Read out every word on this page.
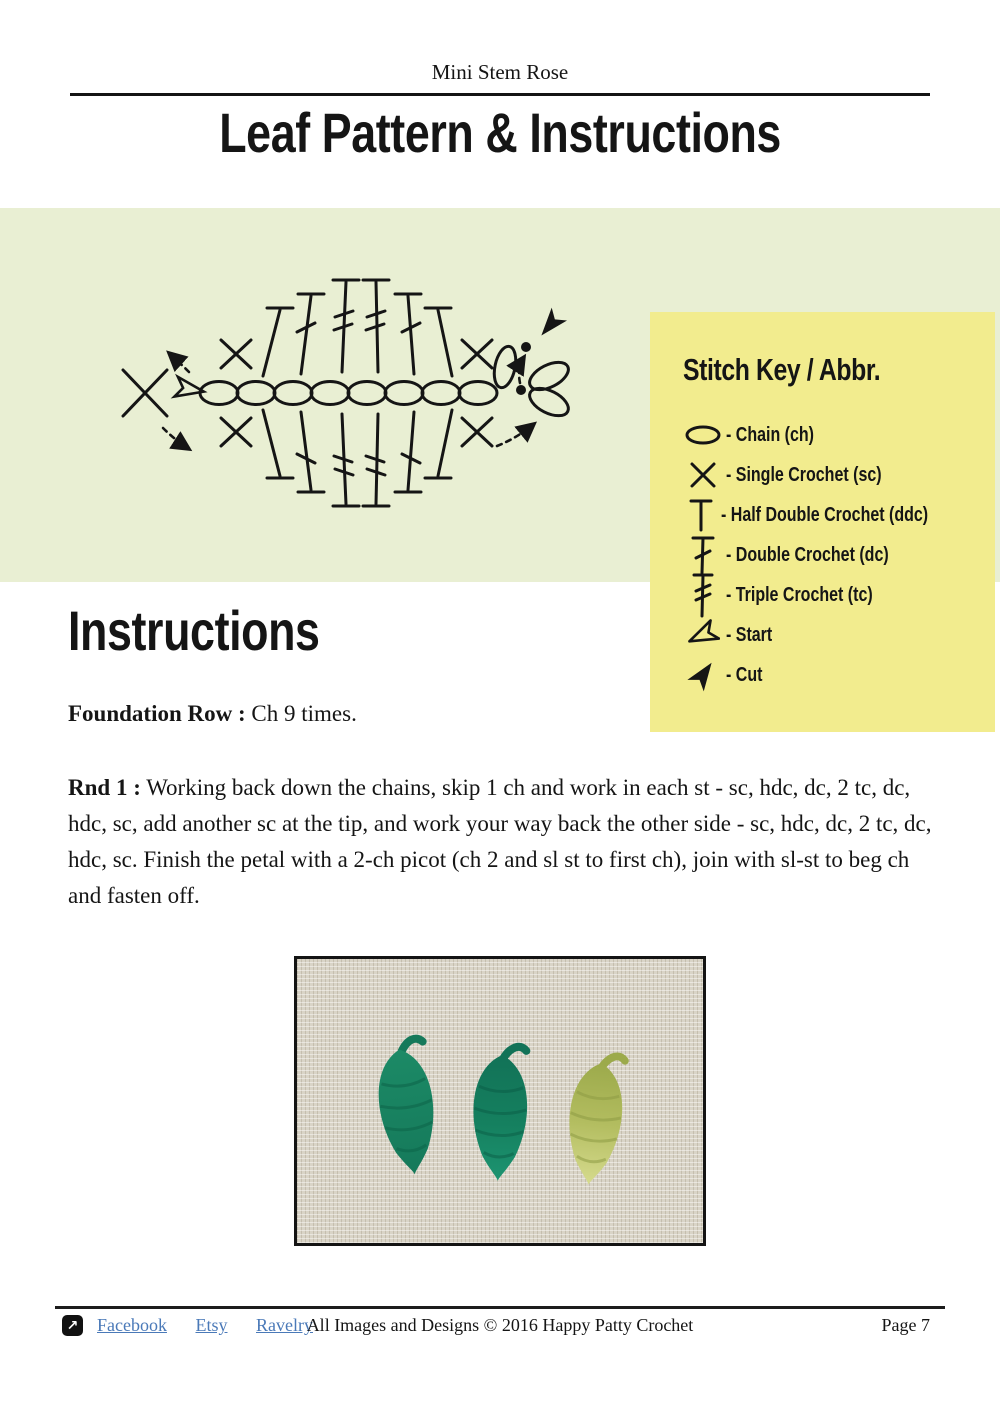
Mini Stem Rose
Leaf Pattern & Instructions
Stitch Key / Abbr.
- Chain (ch)
- Single Crochet (sc)
- Half Double Crochet (ddc)
- Double Crochet (dc)
- Triple Crochet (tc)
- Start
- Cut
Instructions
Foundation Row : Ch 9 times.
Rnd 1 : Working back down the chains, skip 1 ch and work in each st - sc, hdc, dc, 2 tc, dc, hdc, sc, add another sc at the tip, and work your way back the other side - sc, hdc, dc, 2 tc, dc, hdc, sc. Finish the petal with a 2-ch picot (ch 2 and sl st to first ch), join with sl-st to beg ch and fasten off.
↗ Facebook Etsy Ravelry
All Images and Designs © 2016 Happy Patty Crochet	Page 7
